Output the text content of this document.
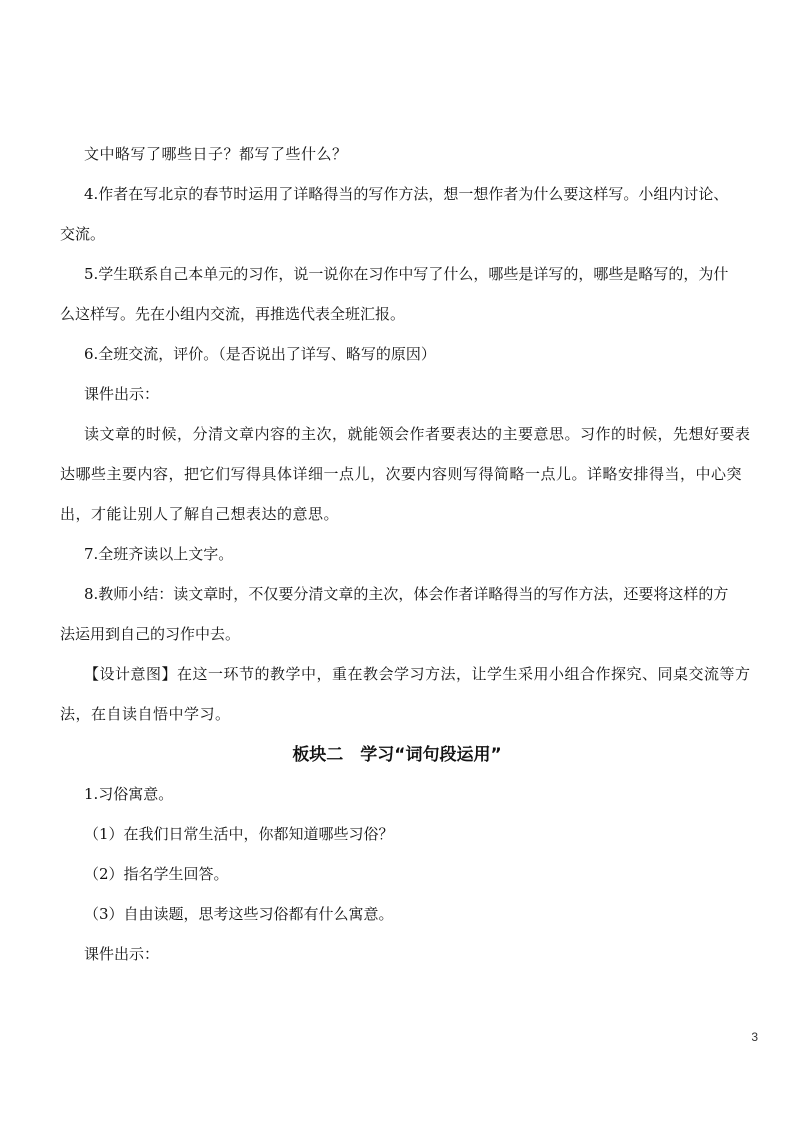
文中略写了哪些日子？都写了些什么？
4.作者在写北京的春节时运用了详略得当的写作方法，想一想作者为什么要这样写。小组内讨论、
交流。
5.学生联系自己本单元的习作，说一说你在习作中写了什么，哪些是详写的，哪些是略写的，为什
么这样写。先在小组内交流，再推选代表全班汇报。
6.全班交流，评价。（是否说出了详写、略写的原因）
课件出示：
读文章的时候，分清文章内容的主次，就能领会作者要表达的主要意思。习作的时候，先想好要表
达哪些主要内容，把它们写得具体详细一点儿，次要内容则写得简略一点儿。详略安排得当，中心突
出，才能让别人了解自己想表达的意思。
7.全班齐读以上文字。
8.教师小结：读文章时，不仅要分清文章的主次，体会作者详略得当的写作方法，还要将这样的方
法运用到自己的习作中去。
【设计意图】在这一环节的教学中，重在教会学习方法，让学生采用小组合作探究、同桌交流等方
法，在自读自悟中学习。
板块二　学习“词句段运用”
1.习俗寓意。
（1）在我们日常生活中，你都知道哪些习俗？
（2）指名学生回答。
（3）自由读题，思考这些习俗都有什么寓意。
课件出示：
3
